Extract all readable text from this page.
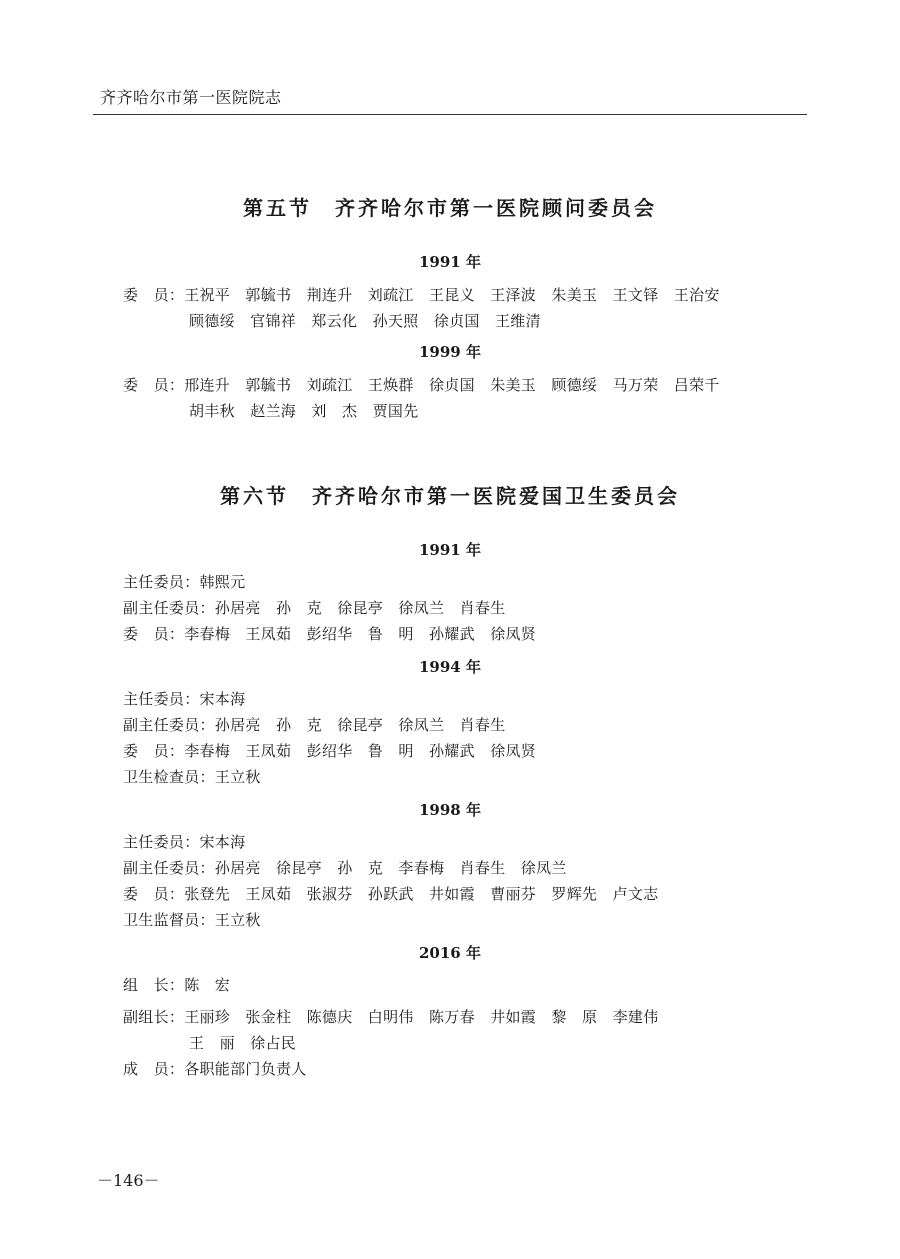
齐齐哈尔市第一医院院志
第五节　齐齐哈尔市第一医院顾问委员会
1991 年
委　员：王祝平　郭毓书　荆连升　刘疏江　王昆义　王泽波　朱美玉　王文铎　王治安
顾德绥　官锦祥　郑云化　孙天照　徐贞国　王维清
1999 年
委　员：邢连升　郭毓书　刘疏江　王焕群　徐贞国　朱美玉　顾德绥　马万荣　吕荣千
胡丰秋　赵兰海　刘　杰　贾国先
第六节　齐齐哈尔市第一医院爱国卫生委员会
1991 年
主任委员：韩熙元
副主任委员：孙居亮　孙　克　徐昆亭　徐凤兰　肖春生
委　员：李春梅　王凤茹　彭绍华　鲁　明　孙耀武　徐凤贤
1994 年
主任委员：宋本海
副主任委员：孙居亮　孙　克　徐昆亭　徐凤兰　肖春生
委　员：李春梅　王凤茹　彭绍华　鲁　明　孙耀武　徐凤贤
卫生检查员：王立秋
1998 年
主任委员：宋本海
副主任委员：孙居亮　徐昆亭　孙　克　李春梅　肖春生　徐凤兰
委　员：张登先　王凤茹　张淑芬　孙跃武　井如霞　曹丽芬　罗辉先　卢文志
卫生监督员：王立秋
2016 年
组　长：陈　宏
副组长：王丽珍　张金柱　陈德庆　白明伟　陈万春　井如霞　黎　原　李建伟
王　丽　徐占民
成　员：各职能部门负责人
－146－
